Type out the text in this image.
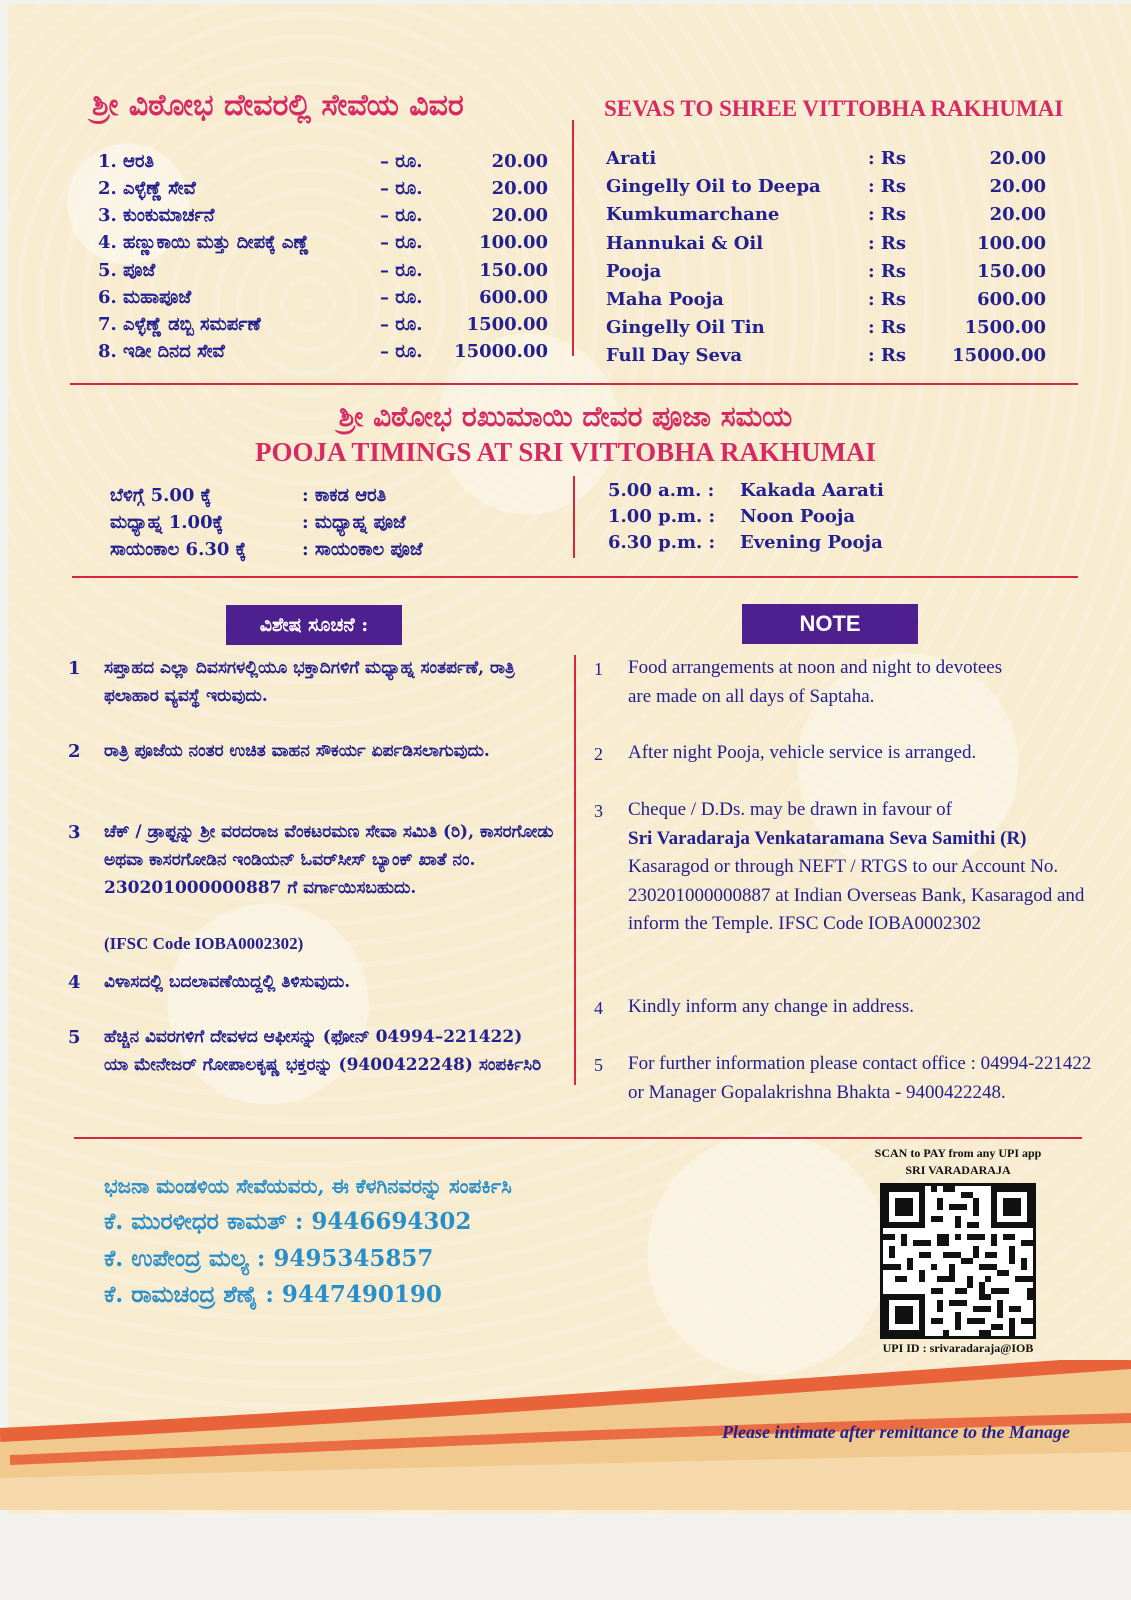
ಶ್ರೀ ವಿಠೋಭ ದೇವರಲ್ಲಿ ಸೇವೆಯ ವಿವರ	SEVAS TO SHREE VITTOBHA RAKHUMAI
1. ಆರತಿ	– ರೂ.	20.00
2. ಎಳ್ಳೆಣ್ಣೆ ಸೇವೆ	– ರೂ.	20.00
3. ಕುಂಕುಮಾರ್ಚನೆ	– ರೂ.	20.00
4. ಹಣ್ಣುಕಾಯಿ ಮತ್ತು ದೀಪಕ್ಕೆ ಎಣ್ಣೆ	– ರೂ.	100.00
5. ಪೂಜೆ	– ರೂ.	150.00
6. ಮಹಾಪೂಜೆ	– ರೂ.	600.00
7. ಎಳ್ಳೆಣ್ಣೆ ಡಬ್ಬಿ ಸಮರ್ಪಣೆ	– ರೂ. 1500.00
8. ಇಡೀ ದಿನದ ಸೇವೆ	– ರೂ. 15000.00
Arati	: Rs	20.00
Gingelly Oil to Deepa	: Rs	20.00
Kumkumarchane	: Rs	20.00
Hannukai & Oil	: Rs	100.00
Pooja	: Rs	150.00
Maha Pooja	: Rs	600.00
Gingelly Oil Tin	: Rs	1500.00
Full Day Seva	: Rs	15000.00
ಶ್ರೀ ವಿಠೋಭ ರಖುಮಾಯಿ ದೇವರ ಪೂಜಾ ಸಮಯ
POOJA TIMINGS AT SRI VITTOBHA RAKHUMAI
ಬೆಳಿಗ್ಗೆ 5.00 ಕ್ಕೆ	: ಕಾಕಡ ಆರತಿ
ಮಧ್ಯಾಹ್ನ 1.00ಕ್ಕೆ	: ಮಧ್ಯಾಹ್ನ ಪೂಜೆ
ಸಾಯಂಕಾಲ 6.30 ಕ್ಕೆ	: ಸಾಯಂಕಾಲ ಪೂಜೆ
5.00 a.m. : Kakada Aarati
1.00 p.m. : Noon Pooja
6.30 p.m. : Evening Pooja
ವಿಶೇಷ ಸೂಚನೆ :	NOTE
1 ಸಪ್ತಾಹದ ಎಲ್ಲಾ ದಿವಸಗಳಲ್ಲಿಯೂ ಭಕ್ತಾದಿಗಳಿಗೆ ಮಧ್ಯಾಹ್ನ ಸಂತರ್ಪಣೆ, ರಾತ್ರಿ ಫಲಾಹಾರ ವ್ಯವಸ್ಥೆ ಇರುವುದು.
2 ರಾತ್ರಿ ಪೂಜೆಯ ನಂತರ ಉಚಿತ ವಾಹನ ಸೌಕರ್ಯ ಏರ್ಪಡಿಸಲಾಗುವುದು.
3 ಚೆಕ್ / ಡ್ರಾಫ್ಟನ್ನು ಶ್ರೀ ವರದರಾಜ ವೆಂಕಟರಮಣ ಸೇವಾ ಸಮಿತಿ (ರಿ), ಕಾಸರಗೋಡು ಅಥವಾ ಕಾಸರಗೋಡಿನ ಇಂಡಿಯನ್ ಓವರ್‌ಸೀಸ್ ಬ್ಯಾಂಕ್ ಖಾತೆ ನಂ. 230201000000887 ಗೆ ವರ್ಗಾಯಿಸಬಹುದು.
(IFSC Code IOBA0002302)
4 ವಿಳಾಸದಲ್ಲಿ ಬದಲಾವಣೆಯಿದ್ದಲ್ಲಿ ತಿಳಿಸುವುದು.
5 ಹೆಚ್ಚಿನ ವಿವರಗಳಿಗೆ ದೇವಳದ ಆಫೀಸನ್ನು (ಫೋನ್ 04994–221422) ಯಾ ಮೇನೇಜರ್ ಗೋಪಾಲಕೃಷ್ಣ ಭಕ್ತರನ್ನು (9400422248) ಸಂಪರ್ಕಿಸಿರಿ
1 Food arrangements at noon and night to devotees are made on all days of Saptaha.
2 After night Pooja, vehicle service is arranged.
3 Cheque / D.Ds. may be drawn in favour of
Sri Varadaraja Venkataramana Seva Samithi (R)
Kasaragod or through NEFT / RTGS to our Account No. 230201000000887 at Indian Overseas Bank, Kasaragod and inform the Temple. IFSC Code IOBA0002302
4 Kindly inform any change in address.
5 For further information please contact office : 04994-221422 or Manager Gopalakrishna Bhakta - 9400422248.
ಭಜನಾ ಮಂಡಳಿಯ ಸೇವೆಯವರು, ಈ ಕೆಳಗಿನವರನ್ನು ಸಂಪರ್ಕಿಸಿ
ಕೆ. ಮುರಳೀಧರ ಕಾಮತ್ : 9446694302
ಕೆ. ಉಪೇಂದ್ರ ಮಲ್ಯ : 9495345857
ಕೆ. ರಾಮಚಂದ್ರ ಶೆಣೈ : 9447490190
SCAN to PAY from any UPI app
SRI VARADARAJA
UPI ID : srivaradaraja@IOB
Please intimate after remittance to the Manage
